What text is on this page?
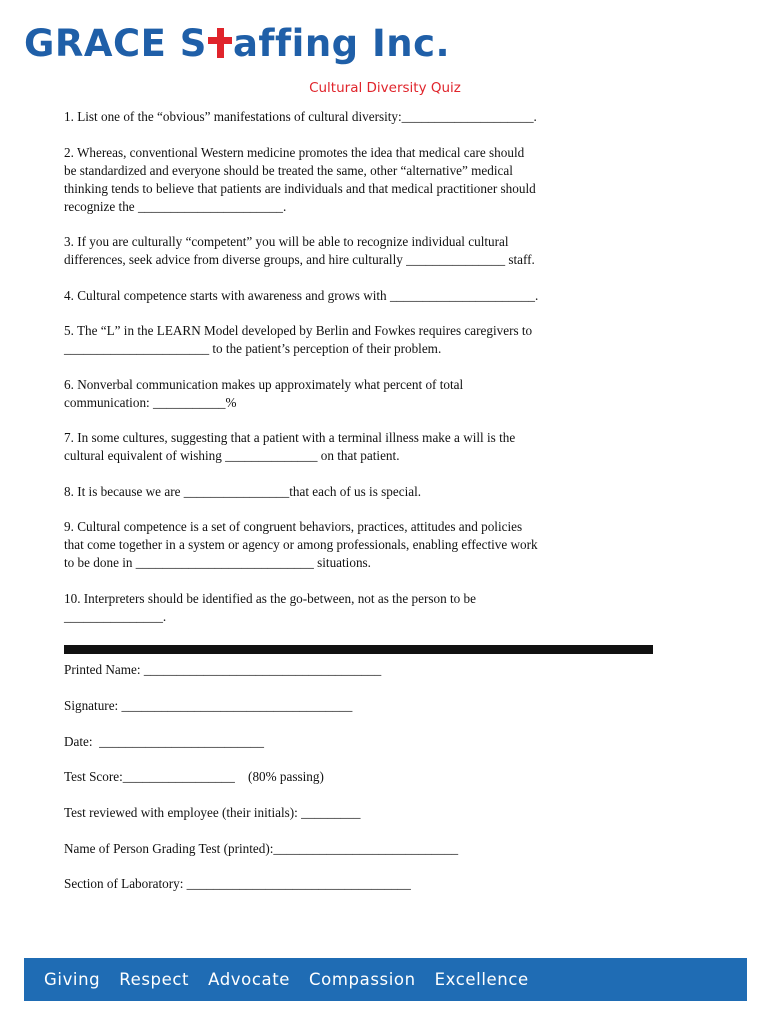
GRACE S affing Inc.
Cultural Diversity Quiz
1. List one of the “obvious” manifestations of cultural diversity:____________________.
2. Whereas, conventional Western medicine promotes the idea that medical care should
be standardized and everyone should be treated the same, other “alternative” medical
thinking tends to believe that patients are individuals and that medical practitioner should
recognize the ______________________.
3. If you are culturally “competent” you will be able to recognize individual cultural
differences, seek advice from diverse groups, and hire culturally _______________ staff.
4. Cultural competence starts with awareness and grows with ______________________.
5. The “L” in the LEARN Model developed by Berlin and Fowkes requires caregivers to
______________________ to the patient’s perception of their problem.
6. Nonverbal communication makes up approximately what percent of total
communication: ___________%
7. In some cultures, suggesting that a patient with a terminal illness make a will is the
cultural equivalent of wishing ______________ on that patient.
8. It is because we are ________________that each of us is special.
9. Cultural competence is a set of congruent behaviors, practices, attitudes and policies
that come together in a system or agency or among professionals, enabling effective work
to be done in ___________________________ situations.
10. Interpreters should be identified as the go-between, not as the person to be
_______________.
Printed Name: ____________________________________
Signature: ___________________________________
Date:  _________________________
Test Score:_________________    (80% passing)
Test reviewed with employee (their initials): _________
Name of Person Grading Test (printed):____________________________
Section of Laboratory: __________________________________
Giving Respect Advocate Compassion Excellence
